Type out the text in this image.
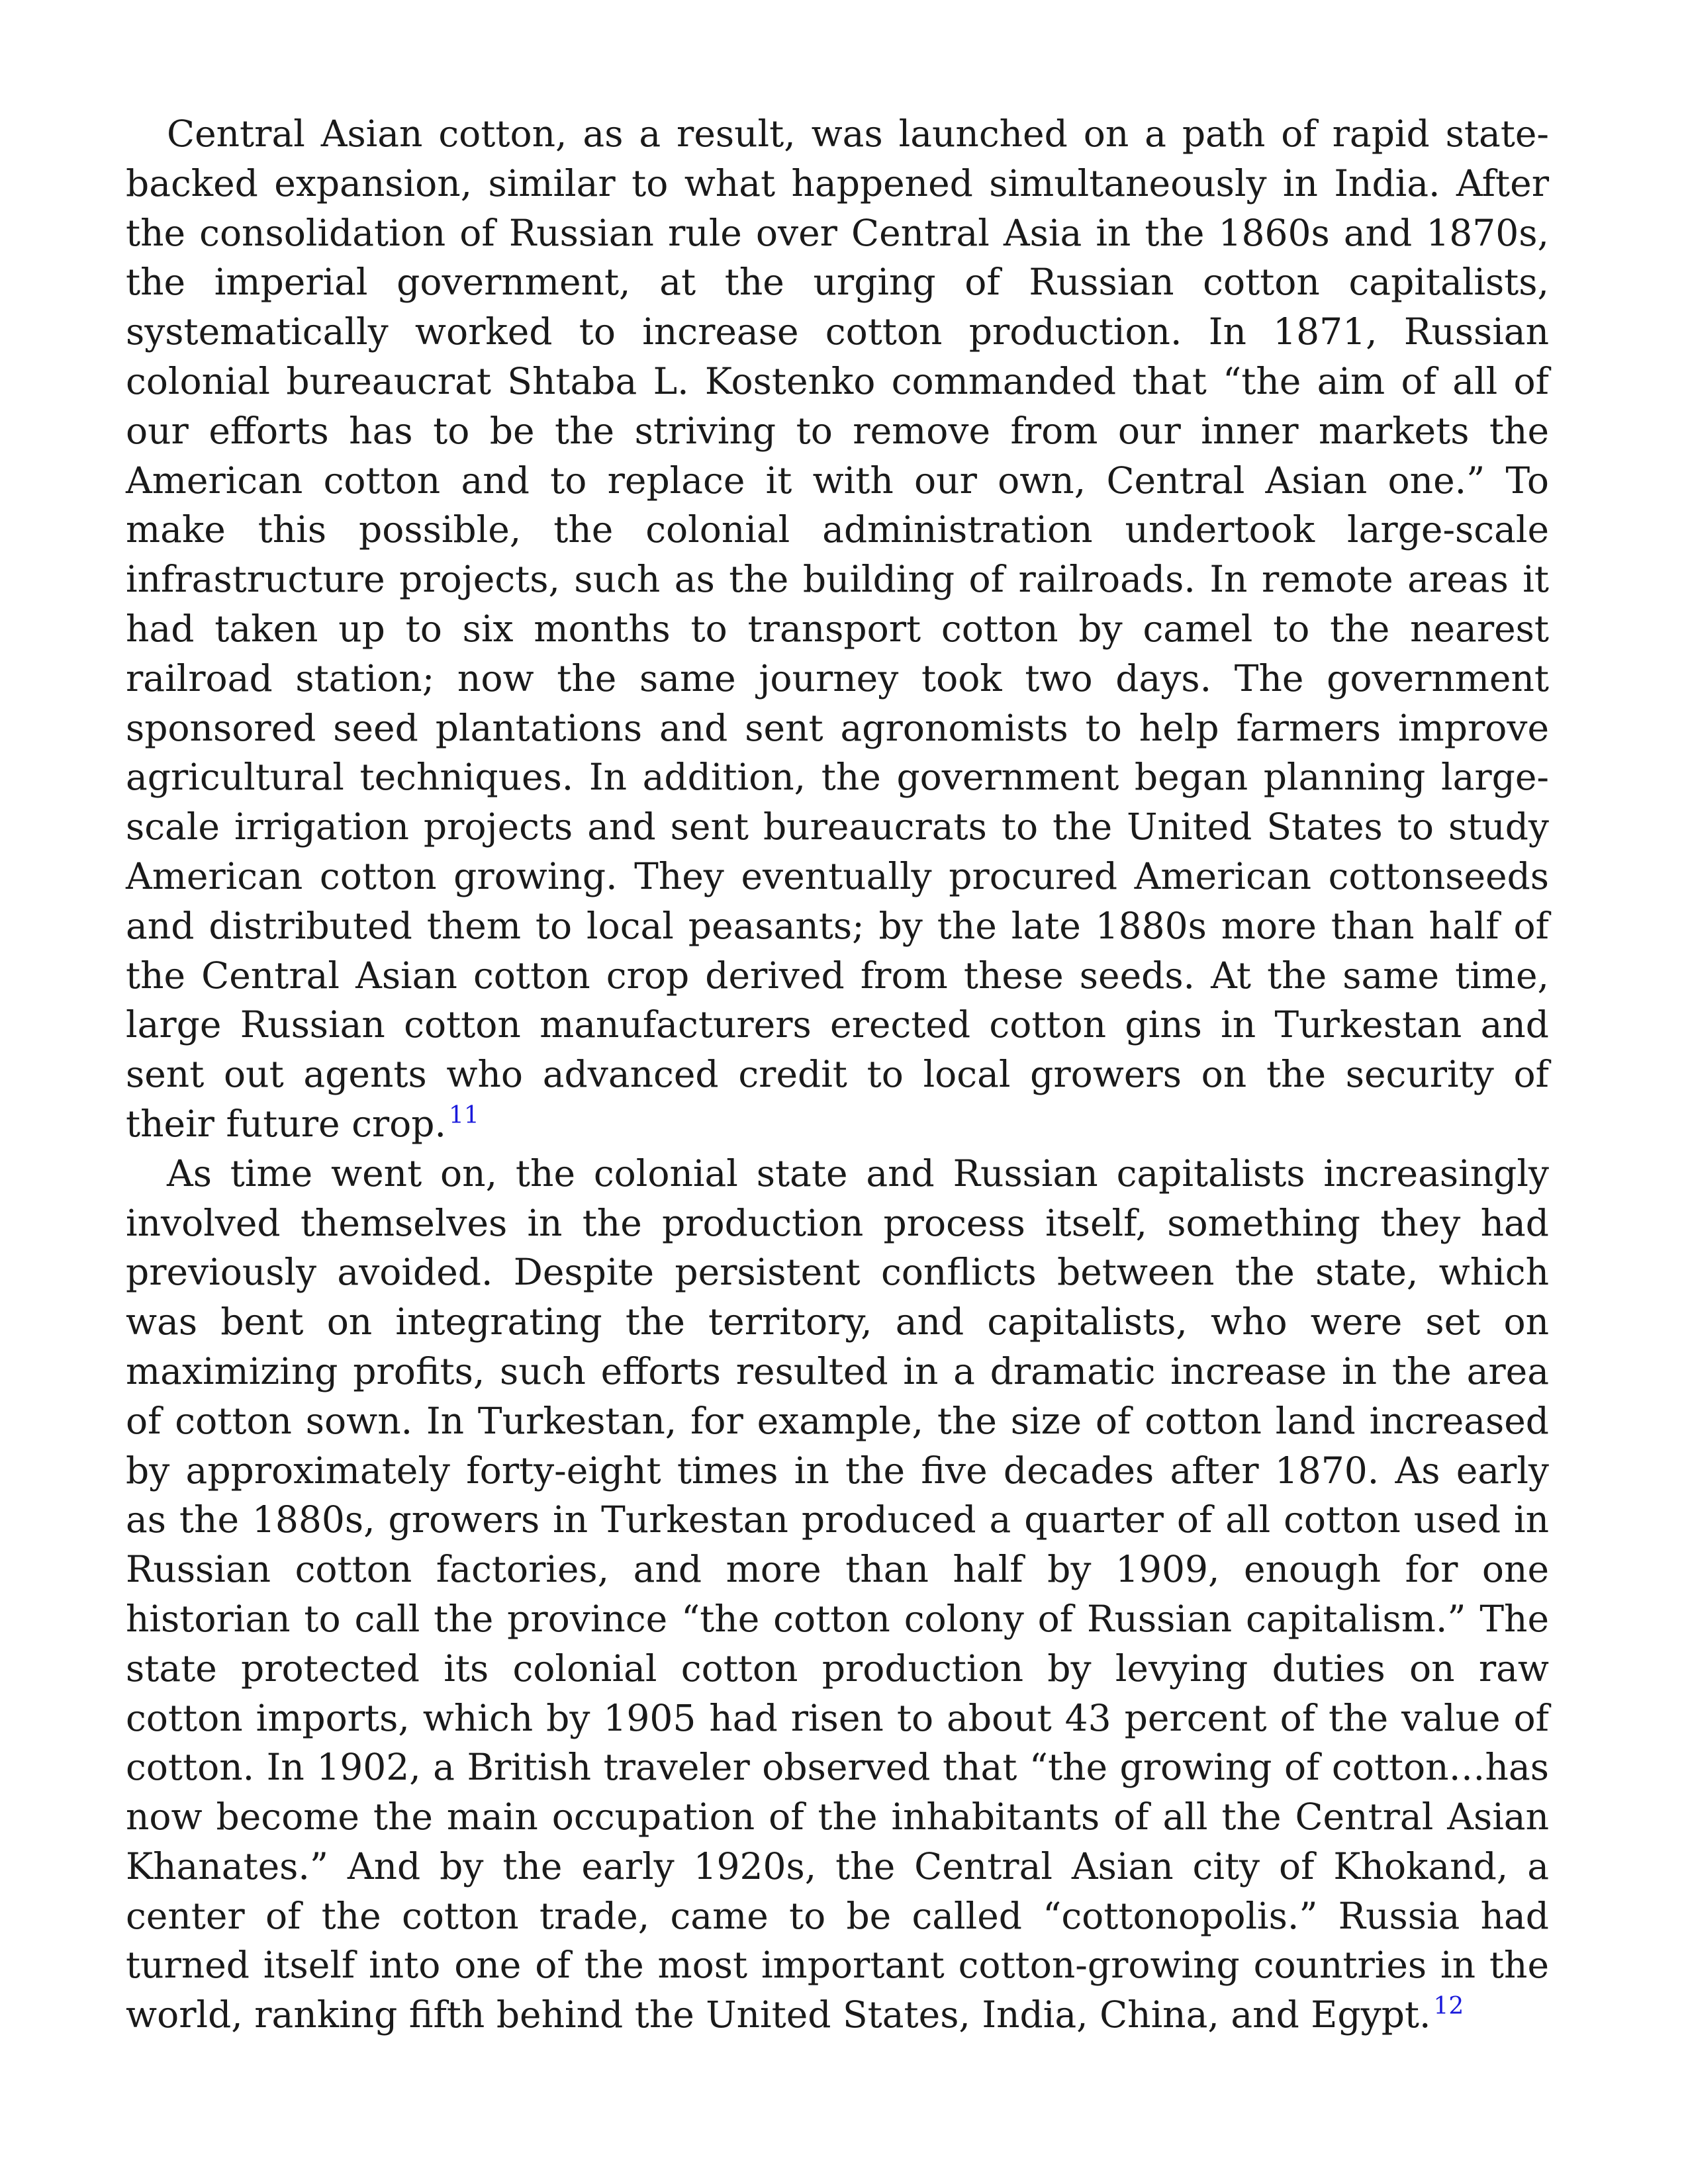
Central Asian cotton, as a result, was launched on a path of rapid state-backed expansion, similar to what happened simultaneously in India. After the consolidation of Russian rule over Central Asia in the 1860s and 1870s, the imperial government, at the urging of Russian cotton capitalists, systematically worked to increase cotton production. In 1871, Russian colonial bureaucrat Shtaba L. Kostenko commanded that “the aim of all of our efforts has to be the striving to remove from our inner markets the American cotton and to replace it with our own, Central Asian one.” To make this possible, the colonial administration undertook large-scale infrastructure projects, such as the building of railroads. In remote areas it had taken up to six months to transport cotton by camel to the nearest railroad station; now the same journey took two days. The government sponsored seed plantations and sent agronomists to help farmers improve agricultural techniques. In addition, the government began planning large-scale irrigation projects and sent bureaucrats to the United States to study American cotton growing. They eventually procured American cottonseeds and distributed them to local peasants; by the late 1880s more than half of the Central Asian cotton crop derived from these seeds. At the same time, large Russian cotton manufacturers erected cotton gins in Turkestan and sent out agents who advanced credit to local growers on the security of their future crop. $^{11}$

As time went on, the colonial state and Russian capitalists increasingly involved themselves in the production process itself, something they had previously avoided. Despite persistent conflicts between the state, which was bent on integrating the territory, and capitalists, who were set on maximizing profits, such efforts resulted in a dramatic increase in the area of cotton sown. In Turkestan, for example, the size of cotton land increased by approximately forty-eight times in the five decades after 1870. As early as the 1880s, growers in Turkestan produced a quarter of all cotton used in Russian cotton factories, and more than half by 1909, enough for one historian to call the province “the cotton colony of Russian capitalism.” The state protected its colonial cotton production by levying duties on raw cotton imports, which by 1905 had risen to about 43 percent of the value of cotton. In 1902, a British traveler observed that “the growing of cotton…has now become the main occupation of the inhabitants of all the Central Asian Khanates.” And by the early 1920s, the Central Asian city of Khokand, a center of the cotton trade, came to be called “cottonopolis.” Russia had turned itself into one of the most important cotton-growing countries in the world, ranking fifth behind the United States, India, China, and Egypt. $^{12}$
